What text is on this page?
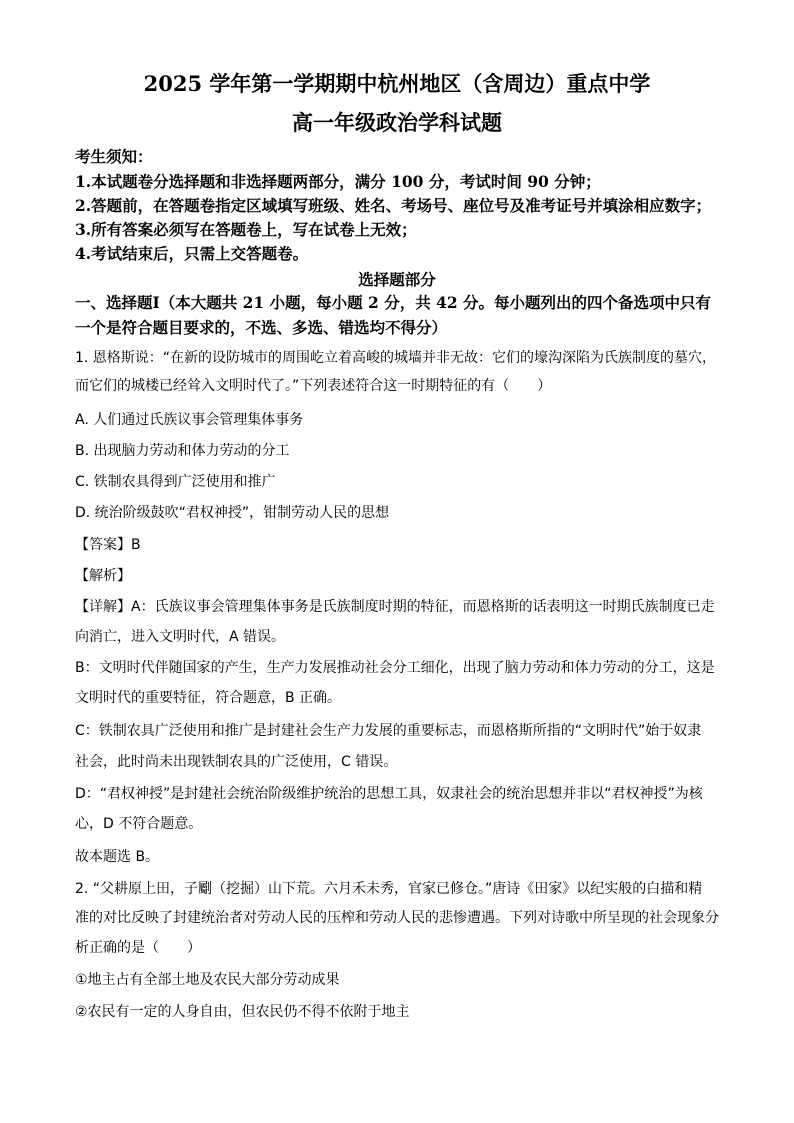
2025 学年第一学期期中杭州地区（含周边）重点中学
高一年级政治学科试题
考生须知：
1.本试题卷分选择题和非选择题两部分，满分 100 分，考试时间 90 分钟；
2.答题前，在答题卷指定区域填写班级、姓名、考场号、座位号及准考证号并填涂相应数字；
3.所有答案必须写在答题卷上，写在试卷上无效；
4.考试结束后，只需上交答题卷。
选择题部分
一、选择题Ⅰ（本大题共 21 小题，每小题 2 分，共 42 分。每小题列出的四个备选项中只有
一个是符合题目要求的，不选、多选、错选均不得分）
1. 恩格斯说：“在新的设防城市的周围屹立着高峻的城墙并非无故：它们的壕沟深陷为氏族制度的墓穴，
而它们的城楼已经耸入文明时代了。”下列表述符合这一时期特征的有（　　）
A. 人们通过氏族议事会管理集体事务
B. 出现脑力劳动和体力劳动的分工
C. 铁制农具得到广泛使用和推广
D. 统治阶级鼓吹“君权神授”，钳制劳动人民的思想
【答案】B
【解析】
【详解】A：氏族议事会管理集体事务是氏族制度时期的特征，而恩格斯的话表明这一时期氏族制度已走
向消亡，进入文明时代，A 错误。
B：文明时代伴随国家的产生，生产力发展推动社会分工细化，出现了脑力劳动和体力劳动的分工，这是
文明时代的重要特征，符合题意，B 正确。
C：铁制农具广泛使用和推广是封建社会生产力发展的重要标志，而恩格斯所指的“文明时代”始于奴隶
社会，此时尚未出现铁制农具的广泛使用，C 错误。
D：“君权神授”是封建社会统治阶级维护统治的思想工具，奴隶社会的统治思想并非以“君权神授”为核
心，D 不符合题意。
故本题选 B。
2. “父耕原上田，子劚（挖掘）山下荒。六月禾未秀，官家已修仓。”唐诗《田家》以纪实般的白描和精
准的对比反映了封建统治者对劳动人民的压榨和劳动人民的悲惨遭遇。下列对诗歌中所呈现的社会现象分
析正确的是（　　）
①地主占有全部土地及农民大部分劳动成果
②农民有一定的人身自由，但农民仍不得不依附于地主
